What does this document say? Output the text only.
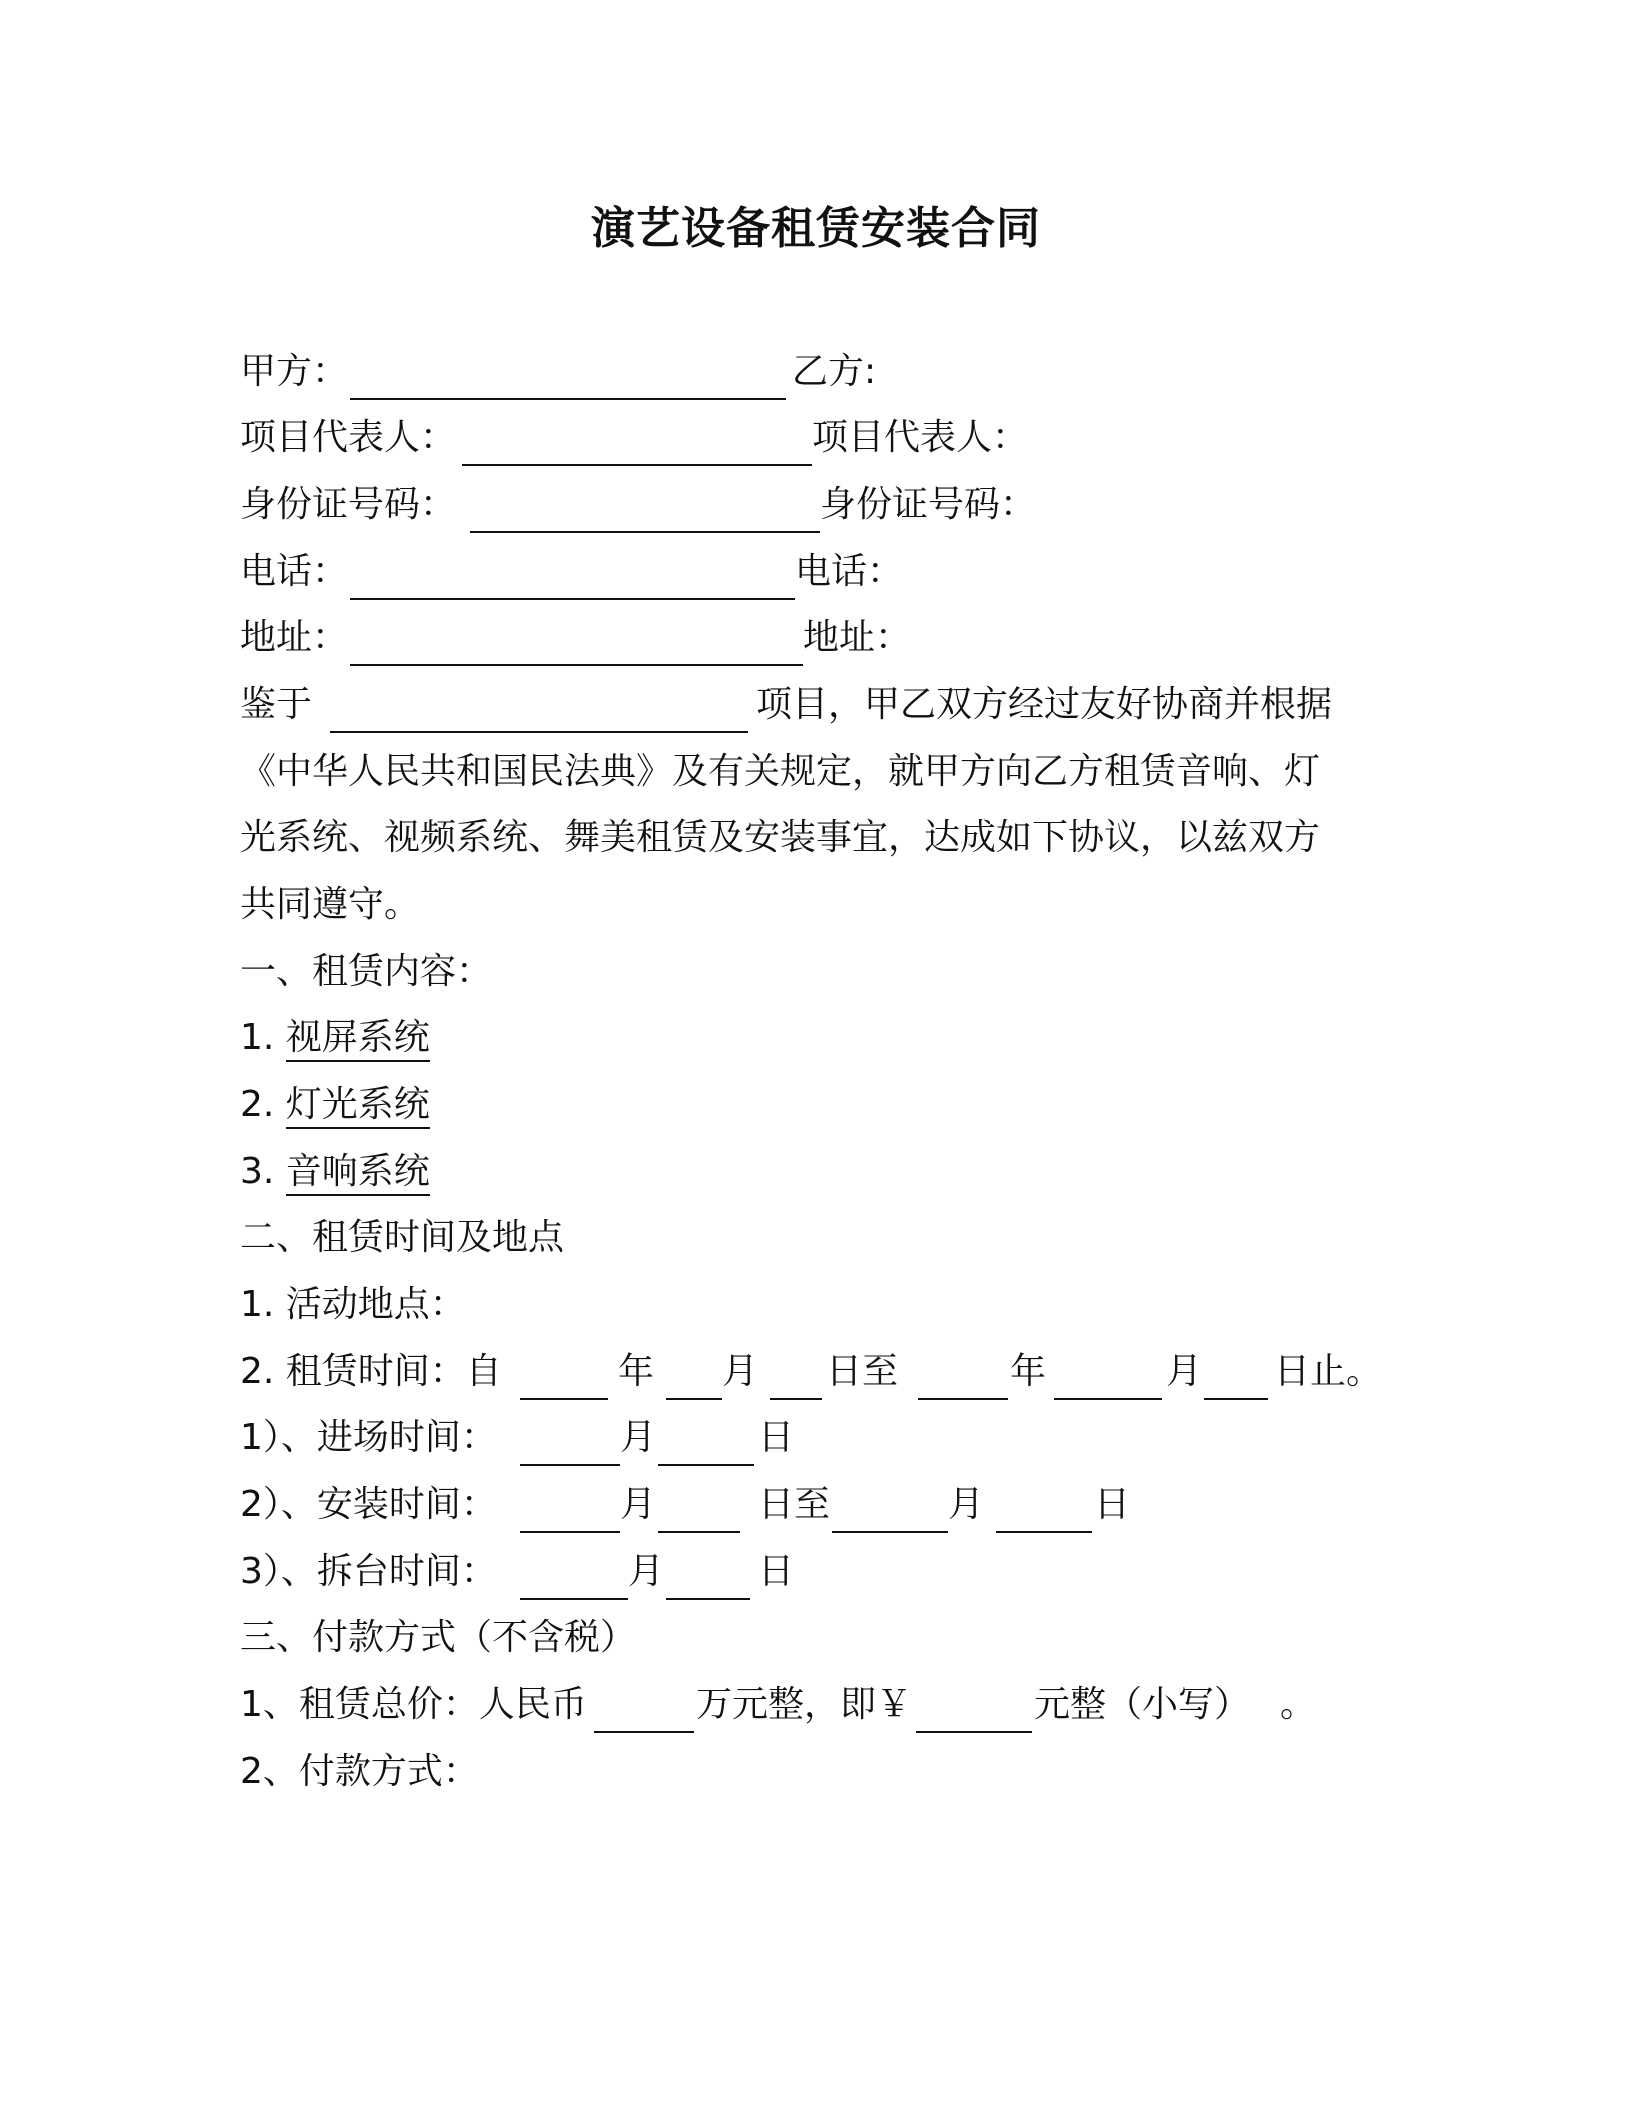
演艺设备租赁安装合同
甲方：	乙方:
项目代表人：	项目代表人：
身份证号码：	身份证号码：
电话：	电话：
地址：	地址：
鉴于	项目，甲乙双方经过友好协商并根据
《中华人民共和国民法典》及有关规定，就甲方向乙方租赁音响、灯
光系统、视频系统、舞美租赁及安装事宜，达成如下协议，以兹双方
共同遵守。
一、租赁内容：
1. 视屏系统
2. 灯光系统
3. 音响系统
二、租赁时间及地点
1. 活动地点：
2. 租赁时间：自	年 月 日至	年	月 日止。
1）、进场时间：	月	日
2）、安装时间：	月	日至	月	日
3）、拆台时间：	月	日
三、付款方式（不含税）
1、租赁总价：人民币	万元整，即￥	元整（小写） 。
2、付款方式：
